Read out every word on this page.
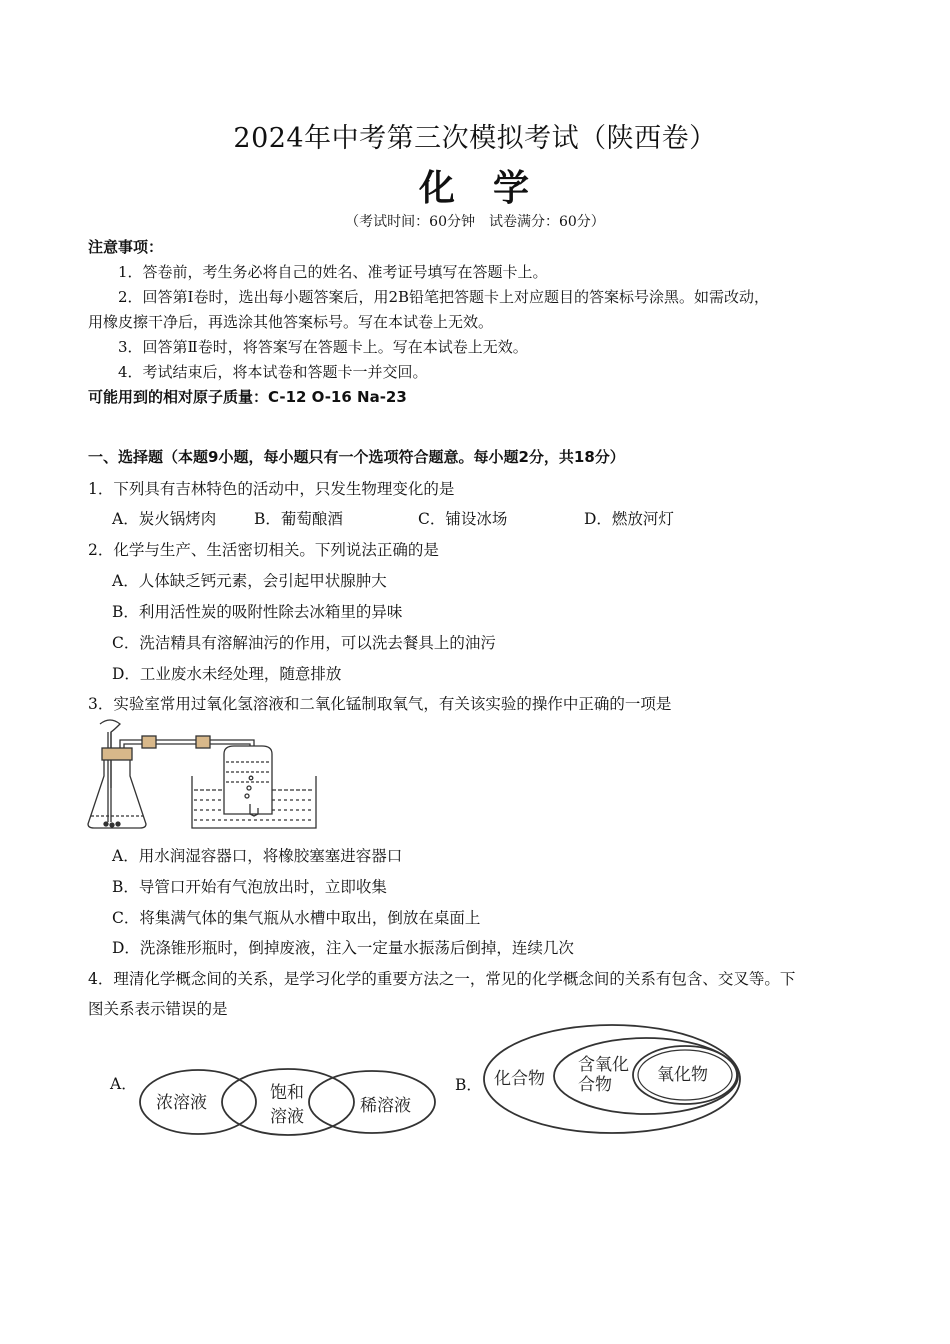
2024年中考第三次模拟考试（陕西卷）
化 学
（考试时间：60分钟　试卷满分：60分）
注意事项：
1．答卷前，考生务必将自己的姓名、准考证号填写在答题卡上。
2．回答第Ⅰ卷时，选出每小题答案后，用2B铅笔把答题卡上对应题目的答案标号涂黑。如需改动，
用橡皮擦干净后，再选涂其他答案标号。写在本试卷上无效。
3．回答第Ⅱ卷时，将答案写在答题卡上。写在本试卷上无效。
4．考试结束后，将本试卷和答题卡一并交回。
可能用到的相对原子质量：C-12 O-16 Na-23
一、选择题（本题9小题，每小题只有一个选项符合题意。每小题2分，共18分）
1．下列具有吉林特色的活动中，只发生物理变化的是
A．炭火锅烤肉 B．葡萄酿酒	C．铺设冰场	D．燃放河灯
2．化学与生产、生活密切相关。下列说法正确的是
A．人体缺乏钙元素，会引起甲状腺肿大
B．利用活性炭的吸附性除去冰箱里的异味
C．洗洁精具有溶解油污的作用，可以洗去餐具上的油污
D．工业废水未经处理，随意排放
3．实验室常用过氧化氢溶液和二氧化锰制取氧气，有关该实验的操作中正确的一项是
A．用水润湿容器口，将橡胶塞塞进容器口
B．导管口开始有气泡放出时，立即收集
C．将集满气体的集气瓶从水槽中取出，倒放在桌面上
D．洗涤锥形瓶时，倒掉废液，注入一定量水振荡后倒掉，连续几次
4．理清化学概念间的关系，是学习化学的重要方法之一，常见的化学概念间的关系有包含、交叉等。下
图关系表示错误的是
A．
浓溶液	饱和
溶液
稀溶液
B． 化合物
含氧化
合物	氧化物
